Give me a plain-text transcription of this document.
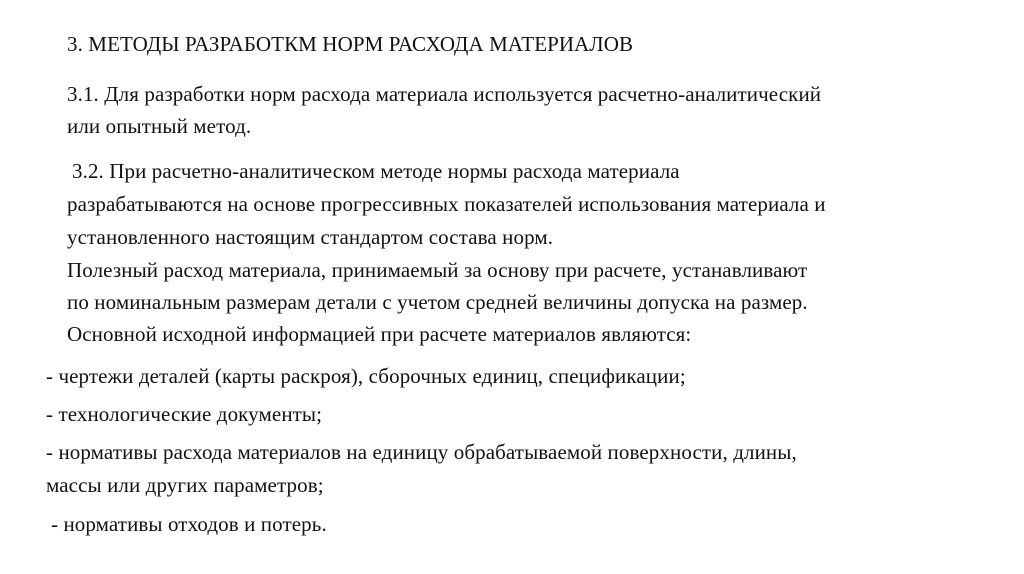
3. МЕТОДЫ РАЗРАБОТКМ НОРМ РАСХОДА МАТЕРИАЛОВ
3.1. Для разработки норм расхода материала используется расчетно-аналитический
или опытный метод.
3.2. При расчетно-аналитическом методе нормы расхода материала
разрабатываются на основе прогрессивных показателей использования материала и
установленного настоящим стандартом состава норм.
Полезный расход материала, принимаемый за основу при расчете, устанавливают
по номинальным размерам детали с учетом средней величины допуска на размер.
Основной исходной информацией при расчете материалов являются:
- чертежи деталей (карты раскроя), сборочных единиц, спецификации;
- технологические документы;
- нормативы расхода материалов на единицу обрабатываемой поверхности, длины,
массы или других параметров;
- нормативы отходов и потерь.
